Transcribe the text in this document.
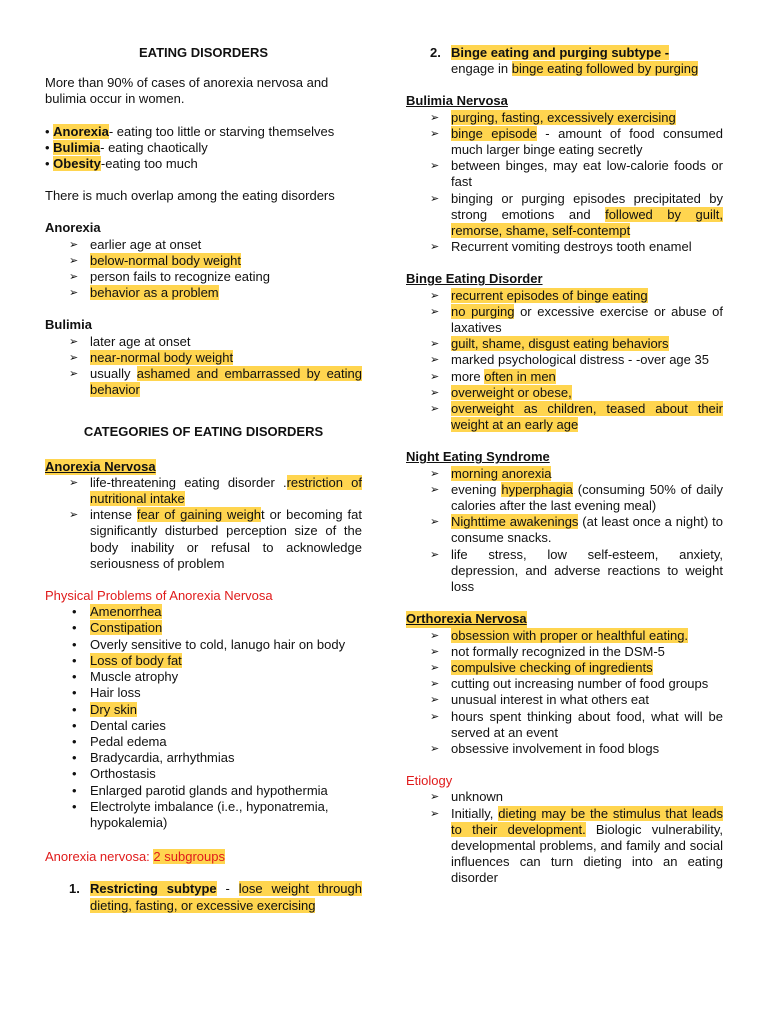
EATING DISORDERS

More than 90% of cases of anorexia nervosa and bulimia occur in women.

• Anorexia- eating too little or starving themselves

• Bulimia- eating chaotically

• Obesity-eating too much

There is much overlap among the eating disorders

Anorexia

➢ earlier age at onset
➢ below-normal body weight
➢ person fails to recognize eating
➢ behavior as a problem

Bulimia

➢ later age at onset
➢ near-normal body weight
➢ usually ashamed and embarrassed by eating behavior

CATEGORIES OF EATING DISORDERS

Anorexia Nervosa

➢ life-threatening eating disorder .restriction of nutritional intake
➢ intense fear of gaining weight or becoming fat significantly disturbed perception size of the body inability or refusal to acknowledge seriousness of problem

Physical Problems of Anorexia Nervosa

• Amenorrhea
• Constipation
• Overly sensitive to cold, lanugo hair on body
• Loss of body fat
• Muscle atrophy
• Hair loss
• Dry skin
• Dental caries
• Pedal edema
• Bradycardia, arrhythmias
• Orthostasis
• Enlarged parotid glands and hypothermia
• Electrolyte imbalance (i.e., hyponatremia, hypokalemia)

Anorexia nervosa: 2 subgroups

1. Restricting subtype - lose weight through dieting, fasting, or excessive exercising

2. Binge eating and purging subtype -
engage in binge eating followed by purging

Bulimia Nervosa

➢ purging, fasting, excessively exercising
➢ binge episode - amount of food consumed much larger binge eating secretly
➢ between binges, may eat low-calorie foods or fast
➢ binging or purging episodes precipitated by strong emotions and followed by guilt, remorse, shame, self-contempt
➢ Recurrent vomiting destroys tooth enamel

Binge Eating Disorder

➢ recurrent episodes of binge eating
➢ no purging or excessive exercise or abuse of laxatives
➢ guilt, shame, disgust eating behaviors
➢ marked psychological distress - -over age 35
➢ more often in men
➢ overweight or obese,
➢ overweight as children, teased about their weight at an early age

Night Eating Syndrome

➢ morning anorexia
➢ evening hyperphagia (consuming 50% of daily calories after the last evening meal)
➢ Nighttime awakenings (at least once a night) to consume snacks.
➢ life stress, low self-esteem, anxiety, depression, and adverse reactions to weight loss

Orthorexia Nervosa

➢ obsession with proper or healthful eating.
➢ not formally recognized in the DSM-5
➢ compulsive checking of ingredients
➢ cutting out increasing number of food groups
➢ unusual interest in what others eat
➢ hours spent thinking about food, what will be served at an event
➢ obsessive involvement in food blogs

Etiology

➢ unknown
➢ Initially, dieting may be the stimulus that leads to their development. Biologic vulnerability, developmental problems, and family and social influences can turn dieting into an eating disorder
